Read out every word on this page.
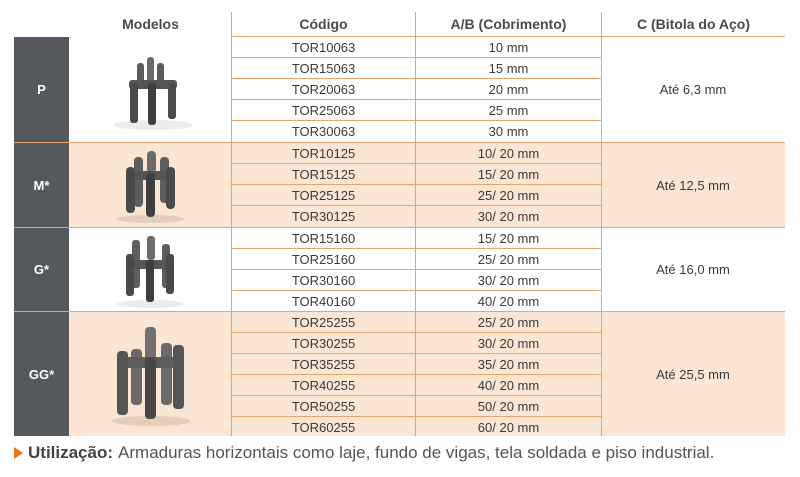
Modelos	Código	A/B (Cobrimento)	C (Bitola do Aço)
P
TOR10063	10 mm
TOR15063	15 mm
TOR20063	20 mm
TOR25063	25 mm
TOR30063	30 mm
Até 6,3 mm
M*
TOR10125	10/ 20 mm
TOR15125	15/ 20 mm
TOR25125	25/ 20 mm
TOR30125	30/ 20 mm
Até 12,5 mm
G*
TOR15160	15/ 20 mm
TOR25160	25/ 20 mm
TOR30160	30/ 20 mm
TOR40160	40/ 20 mm
Até 16,0 mm
GG*
TOR25255	25/ 20 mm
TOR30255	30/ 20 mm
TOR35255	35/ 20 mm
TOR40255	40/ 20 mm
TOR50255	50/ 20 mm
TOR60255	60/ 20 mm
Até 25,5 mm
Utilização: Armaduras horizontais como laje, fundo de vigas, tela soldada e piso industrial.
